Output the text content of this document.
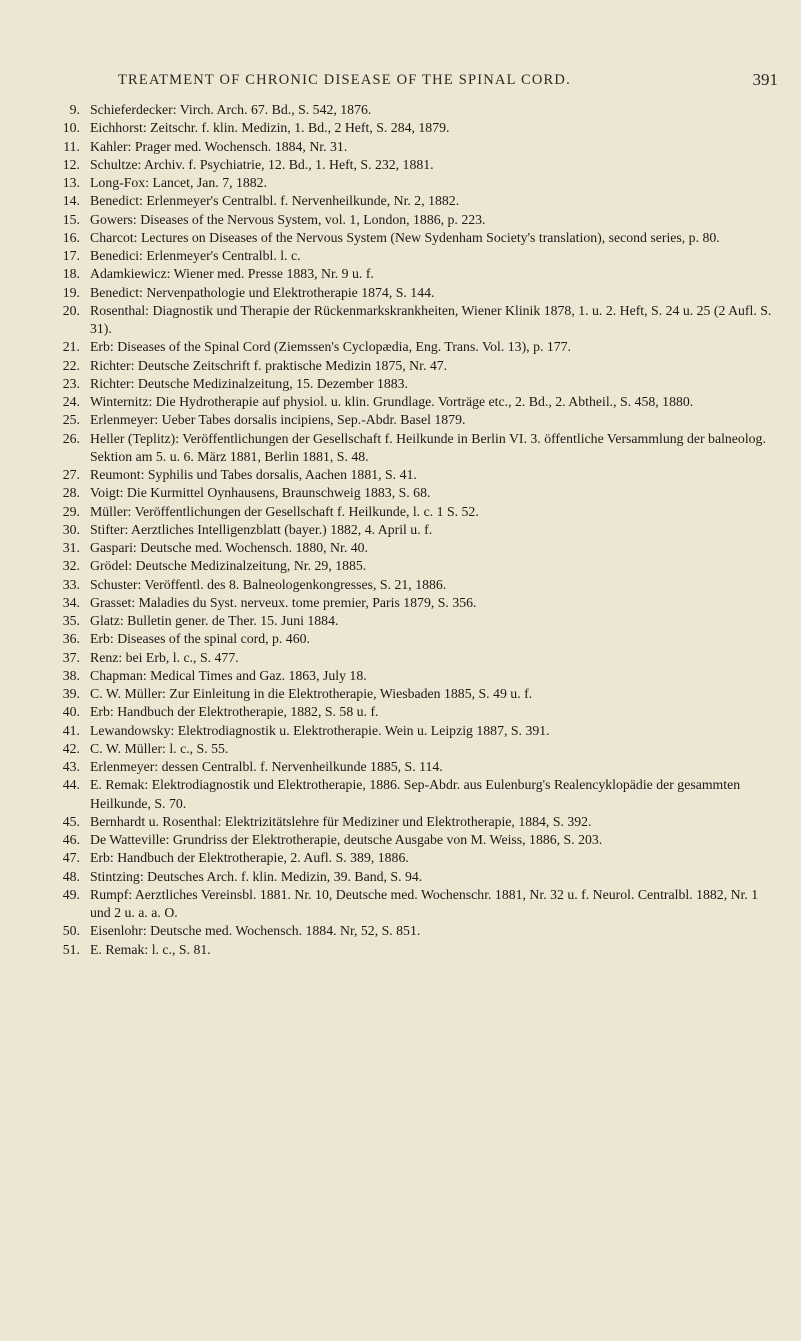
TREATMENT OF CHRONIC DISEASE OF THE SPINAL CORD.	391
9. Schieferdecker: Virch. Arch. 67. Bd., S. 542, 1876.
10. Eichhorst: Zeitschr. f. klin. Medizin, 1. Bd., 2 Heft, S. 284, 1879.
11. Kahler: Prager med. Wochensch. 1884, Nr. 31.
12. Schultze: Archiv. f. Psychiatrie, 12. Bd., 1. Heft, S. 232, 1881.
13. Long-Fox: Lancet, Jan. 7, 1882.
14. Benedict: Erlenmeyer's Centralbl. f. Nervenheilkunde, Nr. 2, 1882.
15. Gowers: Diseases of the Nervous System, vol. 1, London, 1886, p. 223.
16. Charcot: Lectures on Diseases of the Nervous System (New Sydenham Society's translation), second series, p. 80.
17. Benedici: Erlenmeyer's Centralbl. l. c.
18. Adamkiewicz: Wiener med. Presse 1883, Nr. 9 u. f.
19. Benedict: Nervenpathologie und Elektrotherapie 1874, S. 144.
20. Rosenthal: Diagnostik und Therapie der Rückenmarkskrankheiten, Wiener Klinik 1878, 1. u. 2. Heft, S. 24 u. 25 (2 Aufl. S. 31).
21. Erb: Diseases of the Spinal Cord (Ziemssen's Cyclopædia, Eng. Trans. Vol. 13), p. 177.
22. Richter: Deutsche Zeitschrift f. praktische Medizin 1875, Nr. 47.
23. Richter: Deutsche Medizinalzeitung, 15. Dezember 1883.
24. Winternitz: Die Hydrotherapie auf physiol. u. klin. Grundlage. Vorträge etc., 2. Bd., 2. Abtheil., S. 458, 1880.
25. Erlenmeyer: Ueber Tabes dorsalis incipiens, Sep.-Abdr. Basel 1879.
26. Heller (Teplitz): Veröffentlichungen der Gesellschaft f. Heilkunde in Berlin VI. 3. öffentliche Versammlung der balneolog. Sektion am 5. u. 6. März 1881, Berlin 1881, S. 48.
27. Reumont: Syphilis und Tabes dorsalis, Aachen 1881, S. 41.
28. Voigt: Die Kurmittel Oynhausens, Braunschweig 1883, S. 68.
29. Müller: Veröffentlichungen der Gesellschaft f. Heilkunde, l. c. 1 S. 52.
30. Stifter: Aerztliches Intelligenzblatt (bayer.) 1882, 4. April u. f.
31. Gaspari: Deutsche med. Wochensch. 1880, Nr. 40.
32. Grödel: Deutsche Medizinalzeitung, Nr. 29, 1885.
33. Schuster: Veröffentl. des 8. Balneologenkongresses, S. 21, 1886.
34. Grasset: Maladies du Syst. nerveux. tome premier, Paris 1879, S. 356.
35. Glatz: Bulletin gener. de Ther. 15. Juni 1884.
36. Erb: Diseases of the spinal cord, p. 460.
37. Renz: bei Erb, l. c., S. 477.
38. Chapman: Medical Times and Gaz. 1863, July 18.
39. C. W. Müller: Zur Einleitung in die Elektrotherapie, Wiesbaden 1885, S. 49 u. f.
40. Erb: Handbuch der Elektrotherapie, 1882, S. 58 u. f.
41. Lewandowsky: Elektrodiagnostik u. Elektrotherapie. Wein u. Leipzig 1887, S. 391.
42. C. W. Müller: l. c., S. 55.
43. Erlenmeyer: dessen Centralbl. f. Nervenheilkunde 1885, S. 114.
44. E. Remak: Elektrodiagnostik und Elektrotherapie, 1886. Sep-Abdr. aus Eulenburg's Realencyklopädie der gesammten Heilkunde, S. 70.
45. Bernhardt u. Rosenthal: Elektrizitätslehre für Mediziner und Elektrotherapie, 1884, S. 392.
46. De Watteville: Grundriss der Elektrotherapie, deutsche Ausgabe von M. Weiss, 1886, S. 203.
47. Erb: Handbuch der Elektrotherapie, 2. Aufl. S. 389, 1886.
48. Stintzing: Deutsches Arch. f. klin. Medizin, 39. Band, S. 94.
49. Rumpf: Aerztliches Vereinsbl. 1881. Nr. 10, Deutsche med. Wochenschr. 1881, Nr. 32 u. f. Neurol. Centralbl. 1882, Nr. 1 und 2 u. a. a. O.
50. Eisenlohr: Deutsche med. Wochensch. 1884. Nr, 52, S. 851.
51. E. Remak: l. c., S. 81.
